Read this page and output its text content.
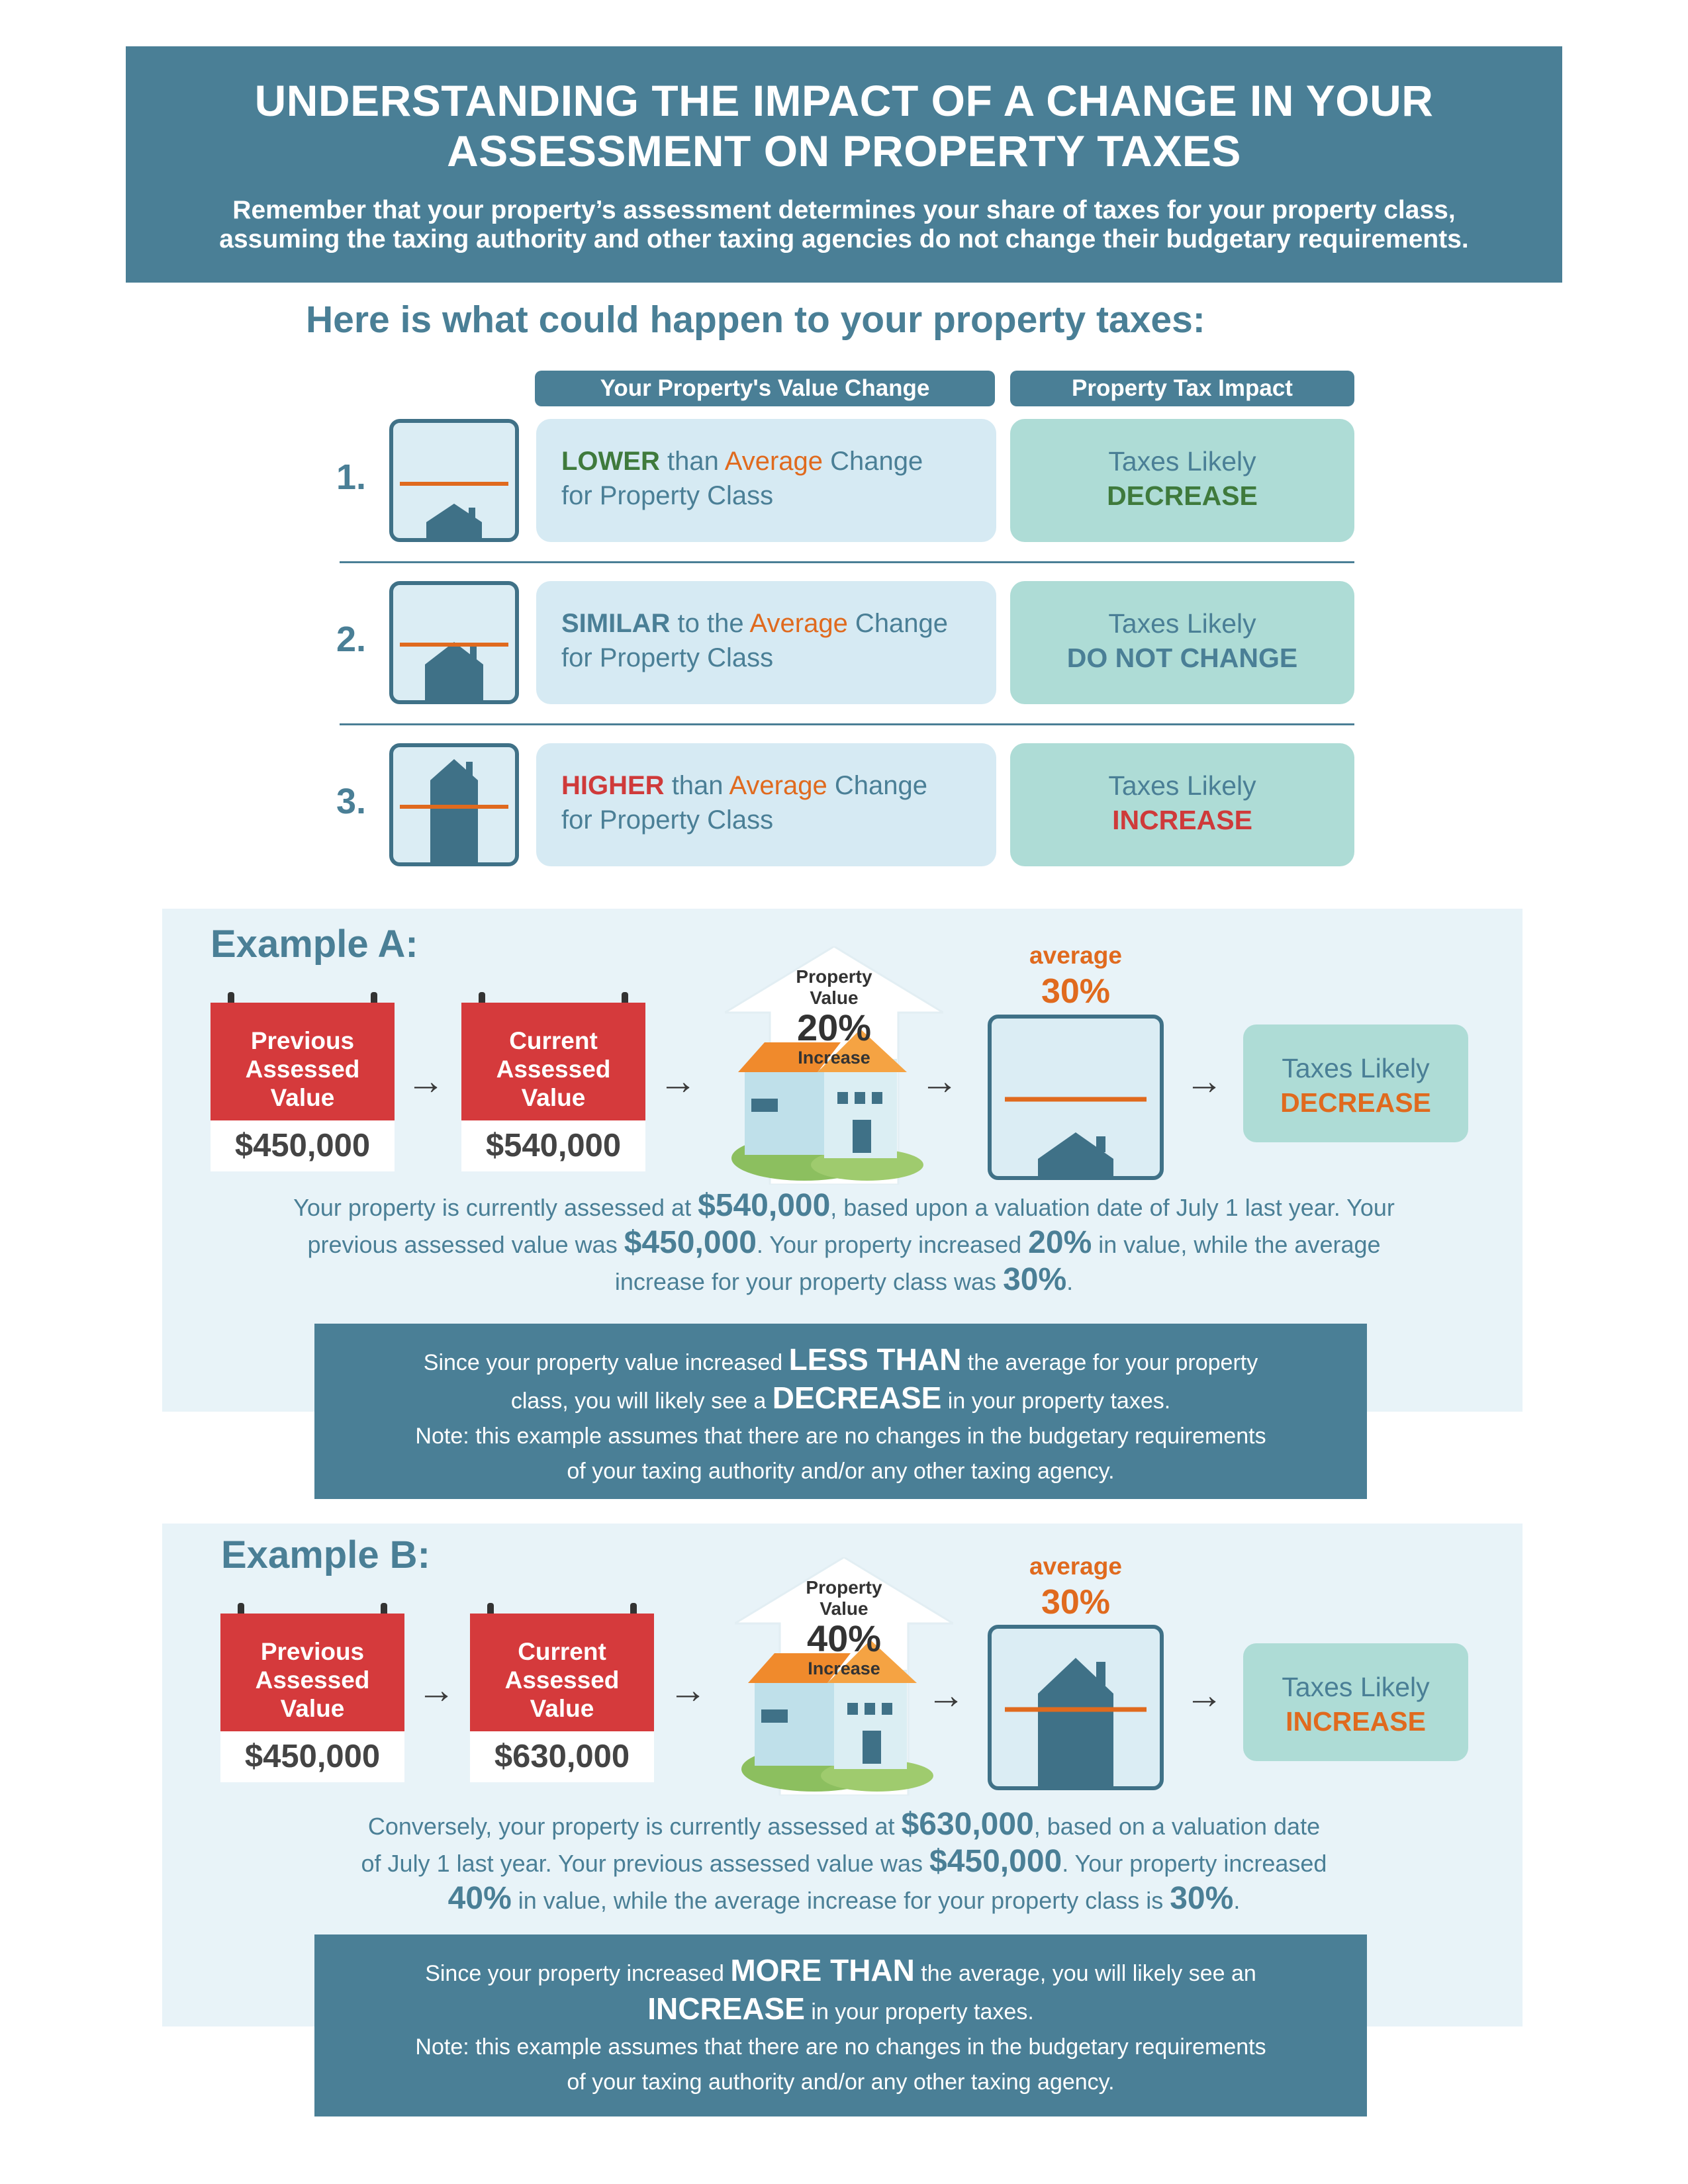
UNDERSTANDING THE IMPACT OF A CHANGE IN YOUR
ASSESSMENT ON PROPERTY TAXES
Remember that your property’s assessment determines your share of taxes for your property class,
assuming the taxing authority and other taxing agencies do not change their budgetary requirements.
Here is what could happen to your property taxes:
Your Property's Value Change	Property Tax Impact
1.	LOWER than Average Change
for Property Class
Taxes Likely
DECREASE
2.	SIMILAR to the Average Change
for Property Class
Taxes Likely
DO NOT CHANGE
3.	HIGHER than Average Change
for Property Class
Taxes Likely
INCREASE
Example A:
Previous
Assessed
Value
$450,000
→
Current
Assessed
Value
$540,000
→
Property
Value
20%
Increase
→
average
30%
→	Taxes Likely
DECREASE
Your property is currently assessed at $540,000, based upon a valuation date of July 1 last year. Your
previous assessed value was $450,000. Your property increased 20% in value, while the average
increase for your property class was 30%.
Since your property value increased LESS THAN the average for your property
class, you will likely see a DECREASE in your property taxes.
Note: this example assumes that there are no changes in the budgetary requirements
of your taxing authority and/or any other taxing agency.
Example B:
Previous
Assessed
Value
$450,000
→
Current
Assessed
Value
$630,000
→
Property
Value
40%
Increase
→
average
30%
→	Taxes Likely
INCREASE
Conversely, your property is currently assessed at $630,000, based on a valuation date
of July 1 last year. Your previous assessed value was $450,000. Your property increased
40% in value, while the average increase for your property class is 30%.
Since your property increased MORE THAN the average, you will likely see an
INCREASE in your property taxes.
Note: this example assumes that there are no changes in the budgetary requirements
of your taxing authority and/or any other taxing agency.
